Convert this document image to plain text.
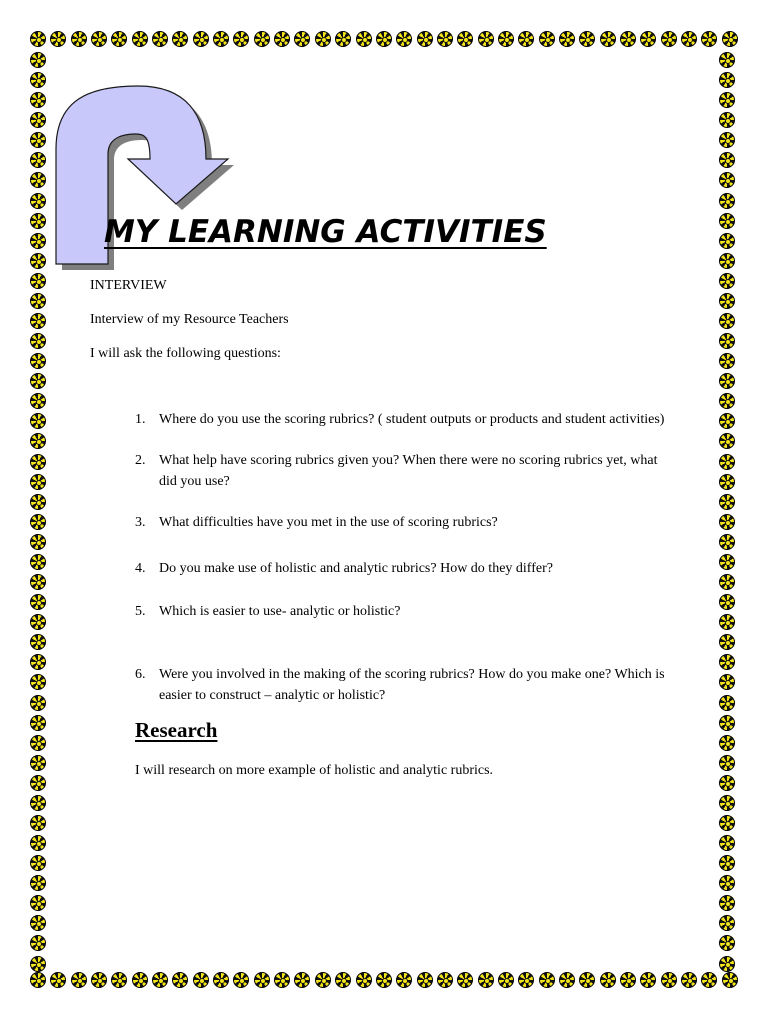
MY LEARNING ACTIVITIES
INTERVIEW
Interview of my Resource Teachers
I will ask the following questions:
1. Where do you use the scoring rubrics? ( student outputs or products and student activities)
2. What help have scoring rubrics given you? When there were no scoring rubrics yet, what did you use?
3. What difficulties have you met in the use of scoring rubrics?
4. Do you make use of holistic and analytic rubrics? How do they differ?
5. Which is easier to use- analytic or holistic?
6. Were you involved in the making of the scoring rubrics? How do you make one? Which is easier to construct – analytic or holistic?
Research
I will research on more example of holistic and analytic rubrics.
